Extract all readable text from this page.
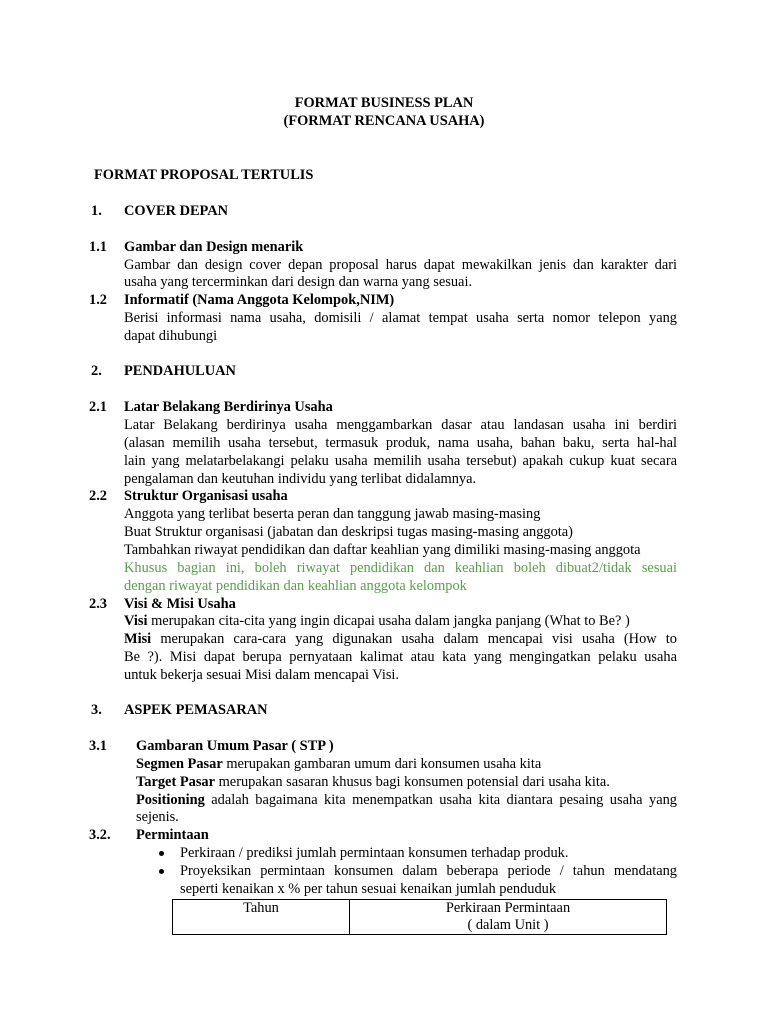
FORMAT BUSINESS PLAN
(FORMAT RENCANA USAHA)
FORMAT PROPOSAL TERTULIS
1. COVER DEPAN
1.1 Gambar dan Design menarik
Gambar dan design cover depan proposal harus dapat mewakilkan jenis dan karakter dari
usaha yang tercerminkan dari design dan warna yang sesuai.
1.2 Informatif (Nama Anggota Kelompok,NIM)
Berisi informasi nama usaha, domisili / alamat tempat usaha serta nomor telepon yang
dapat dihubungi
2. PENDAHULUAN
2.1 Latar Belakang Berdirinya Usaha
Latar Belakang berdirinya usaha menggambarkan dasar atau landasan usaha ini berdiri
(alasan memilih usaha tersebut, termasuk produk, nama usaha, bahan baku, serta hal-hal
lain yang melatarbelakangi pelaku usaha memilih usaha tersebut) apakah cukup kuat secara
pengalaman dan keutuhan individu yang terlibat didalamnya.
2.2 Struktur Organisasi usaha
Anggota yang terlibat beserta peran dan tanggung jawab masing-masing
Buat Struktur organisasi (jabatan dan deskripsi tugas masing-masing anggota)
Tambahkan riwayat pendidikan dan daftar keahlian yang dimiliki masing-masing anggota
Khusus bagian ini, boleh riwayat pendidikan dan keahlian boleh dibuat2/tidak sesuai
dengan riwayat pendidikan dan keahlian anggota kelompok
2.3 Visi & Misi Usaha
Visi merupakan cita-cita yang ingin dicapai usaha dalam jangka panjang (What to Be? )
Misi merupakan cara-cara yang digunakan usaha dalam mencapai visi usaha (How to
Be ?). Misi dapat berupa pernyataan kalimat atau kata yang mengingatkan pelaku usaha
untuk bekerja sesuai Misi dalam mencapai Visi.
3. ASPEK PEMASARAN
3.1 Gambaran Umum Pasar ( STP )
Segmen Pasar merupakan gambaran umum dari konsumen usaha kita
Target Pasar merupakan sasaran khusus bagi konsumen potensial dari usaha kita.
Positioning adalah bagaimana kita menempatkan usaha kita diantara pesaing usaha yang
sejenis.
3.2. Permintaan
Perkiraan / prediksi jumlah permintaan konsumen terhadap produk.
Proyeksikan permintaan konsumen dalam beberapa periode / tahun mendatang
seperti kenaikan x % per tahun sesuai kenaikan jumlah penduduk
Tahun	Perkiraan Permintaan
( dalam Unit )
